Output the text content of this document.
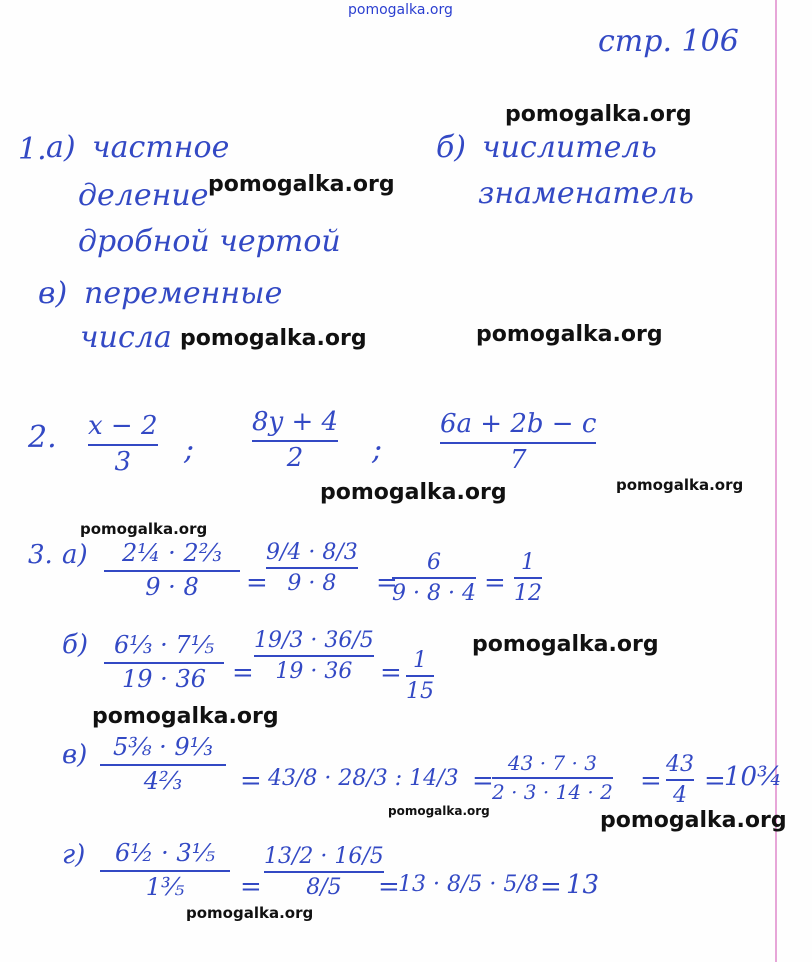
pomogalka.org
pomogalka.org
pomogalka.org
pomogalka.org	pomogalka.org
pomogalka.org	pomogalka.org
pomogalka.org
pomogalka.org
pomogalka.org
pomogalka.org	pomogalka.org
pomogalka.org
стр. 106
1. а) частное
деление
дробной чертой
б) числитель
знаменатель
в) переменные
числа
2. x − 2
3	;
8y + 4
2	;
6a + 2b − c
7
3. а)	2¼ · 2⅔
9 · 8	=
9/4 · 8/3
9 · 8	=
6
9 · 8 · 4 =
1
12
б)	6⅓ · 7⅕
19 · 36	=
19/3 · 36/5
19 · 36	= 1
15
в)	5⅜ · 9⅓
4⅔	= 43/8 · 28/3 : 14/3 =
43 · 7 · 3
2 · 3 · 14 · 2 =
43
4 =
10¾
г)	6½ · 3⅕
1⅗	=
13/2 · 16/5
8/5	=
13 · 8/5 · 5/8 = 13
